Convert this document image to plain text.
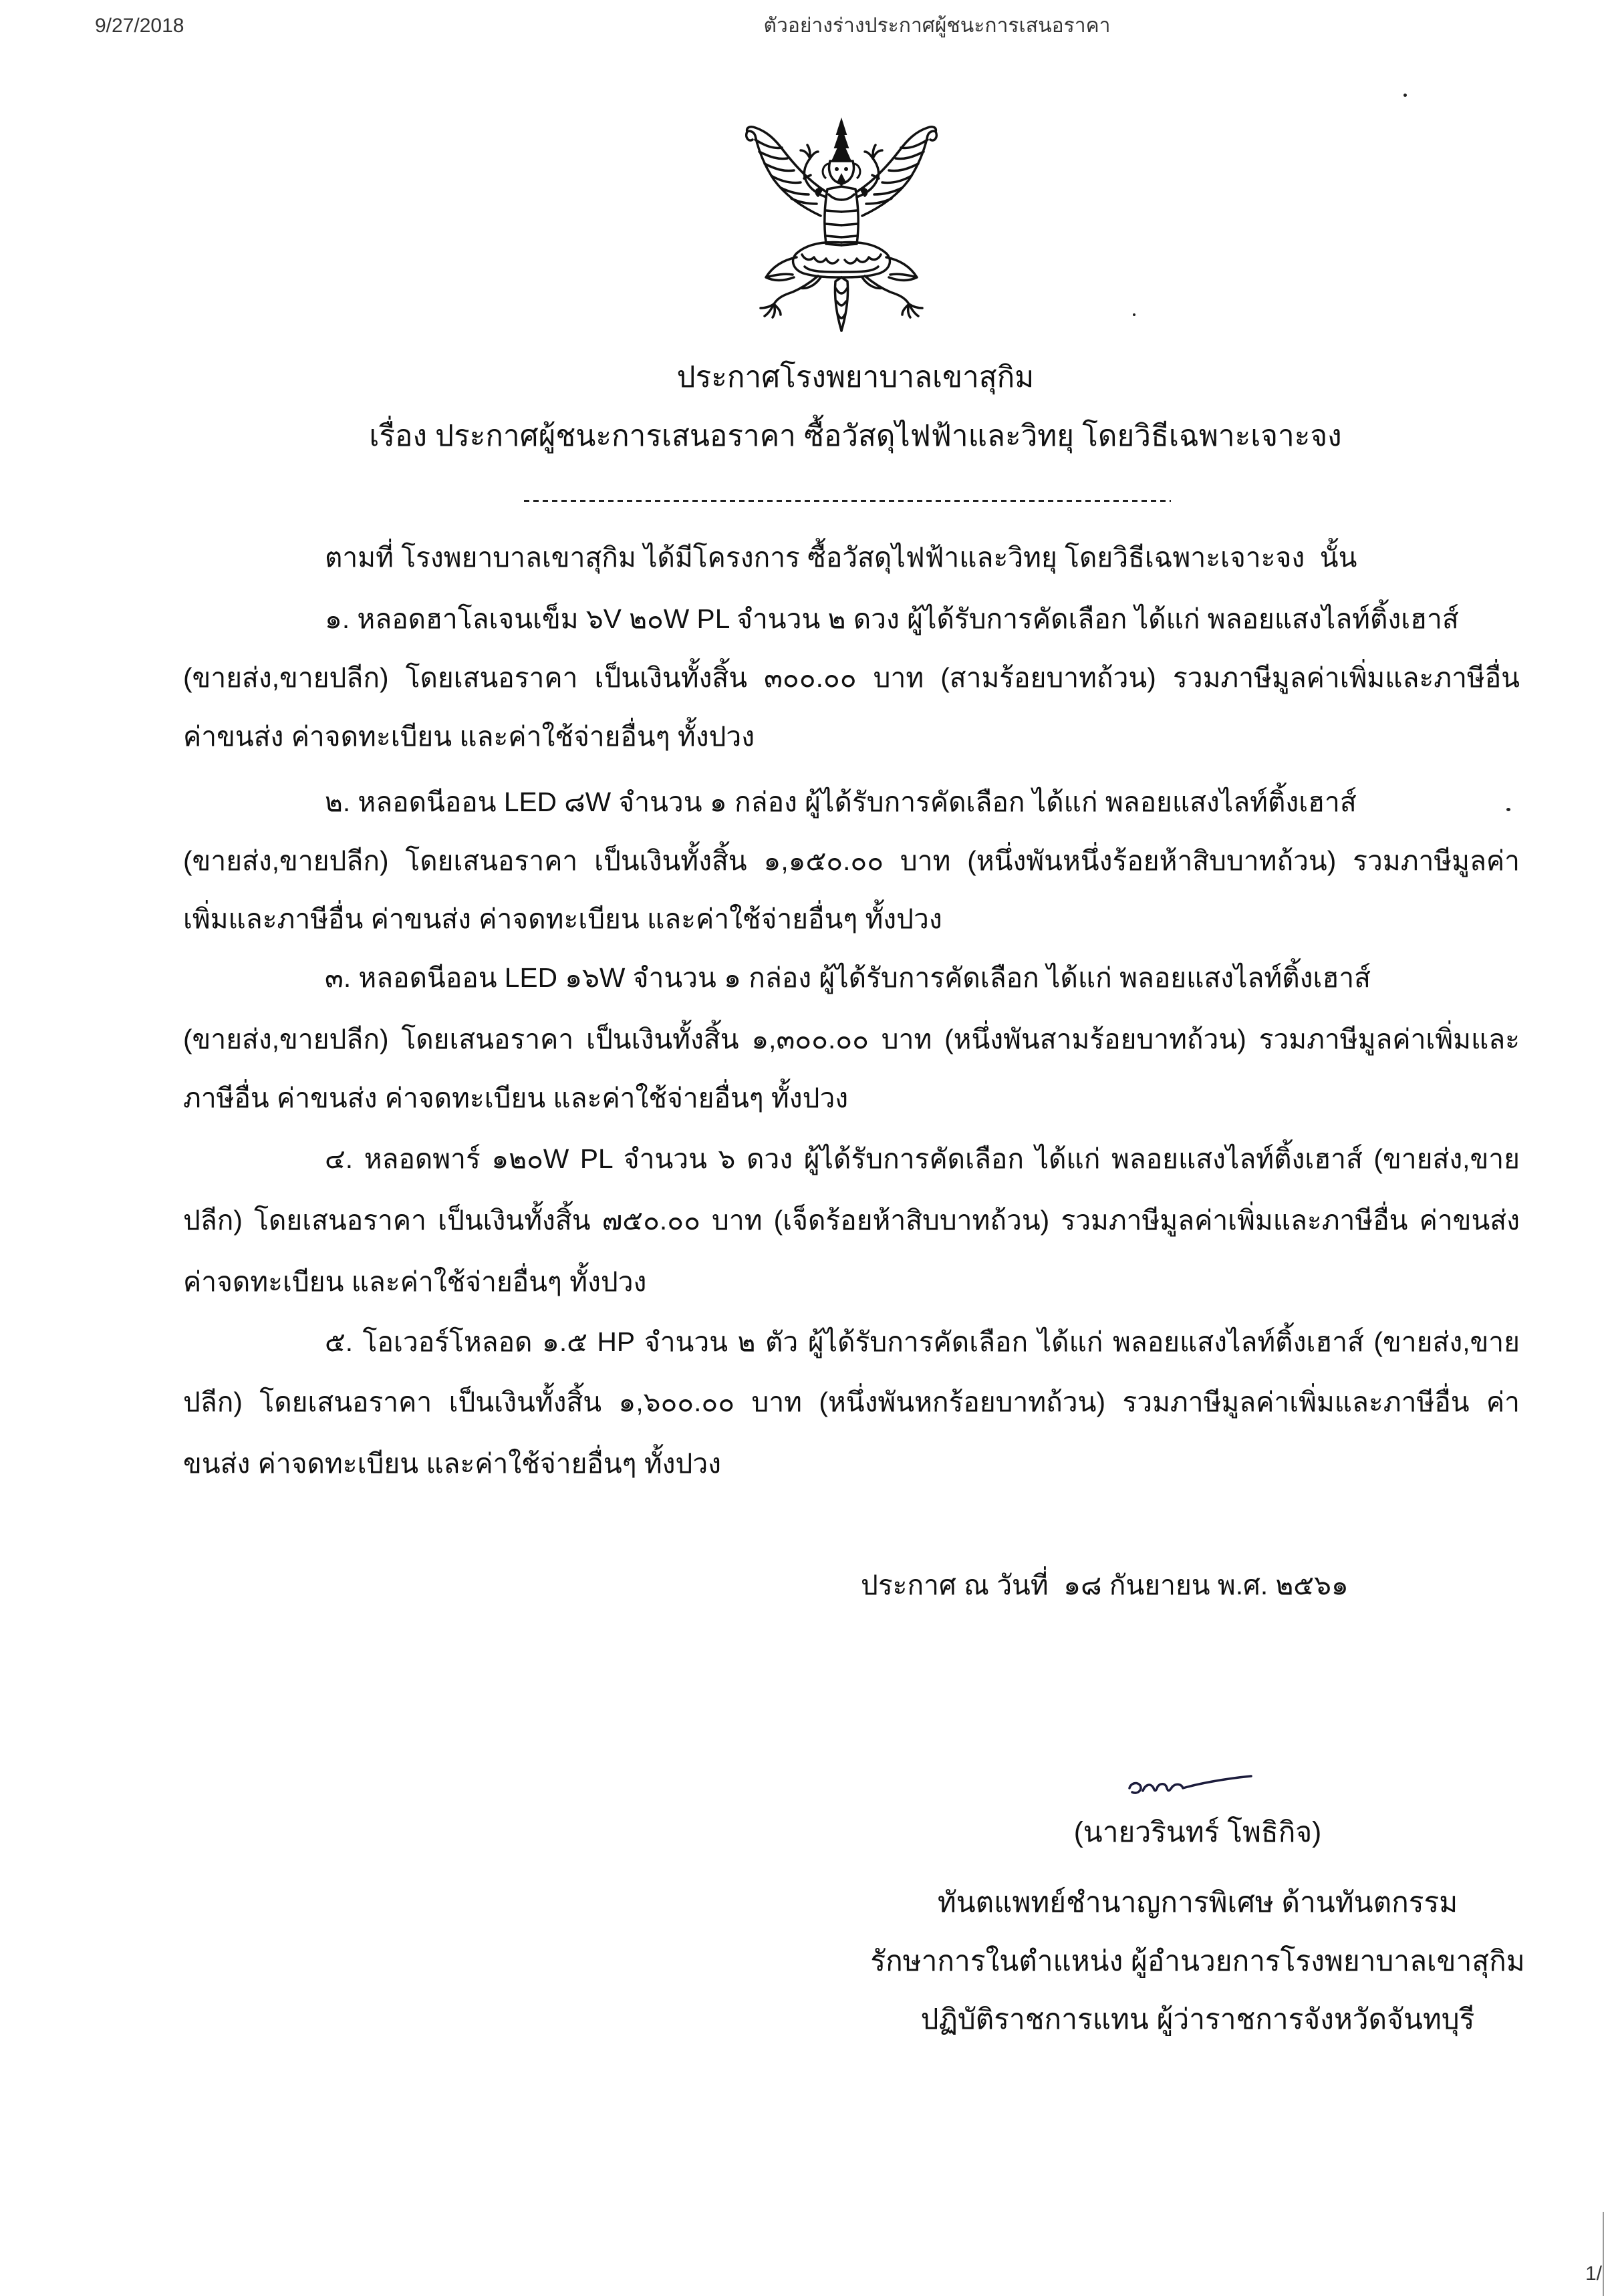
9/27/2018	ตัวอย่างร่างประกาศผู้ชนะการเสนอราคา
ประกาศโรงพยาบาลเขาสุกิม
เรื่อง ประกาศผู้ชนะการเสนอราคา ซื้อวัสดุไฟฟ้าและวิทยุ โดยวิธีเฉพาะเจาะจง
ตามที่ โรงพยาบาลเขาสุกิม ได้มีโครงการ ซื้อวัสดุไฟฟ้าและวิทยุ โดยวิธีเฉพาะเจาะจง  นั้น
๑. หลอดฮาโลเจนเข็ม ๖V ๒๐W PL จำนวน ๒ ดวง ผู้ได้รับการคัดเลือก ได้แก่ พลอยแสงไลท์ติ้งเฮาส์
(ขายส่ง,ขายปลีก) โดยเสนอราคา เป็นเงินทั้งสิ้น ๓๐๐.๐๐ บาท (สามร้อยบาทถ้วน) รวมภาษีมูลค่าเพิ่มและภาษีอื่น
ค่าขนส่ง ค่าจดทะเบียน และค่าใช้จ่ายอื่นๆ ทั้งปวง
๒. หลอดนีออน LED ๘W จำนวน ๑ กล่อง ผู้ได้รับการคัดเลือก ได้แก่ พลอยแสงไลท์ติ้งเฮาส์
(ขายส่ง,ขายปลีก) โดยเสนอราคา เป็นเงินทั้งสิ้น ๑,๑๕๐.๐๐ บาท (หนึ่งพันหนึ่งร้อยห้าสิบบาทถ้วน) รวมภาษีมูลค่า
เพิ่มและภาษีอื่น ค่าขนส่ง ค่าจดทะเบียน และค่าใช้จ่ายอื่นๆ ทั้งปวง
๓. หลอดนีออน LED ๑๖W จำนวน ๑ กล่อง ผู้ได้รับการคัดเลือก ได้แก่ พลอยแสงไลท์ติ้งเฮาส์
(ขายส่ง,ขายปลีก) โดยเสนอราคา เป็นเงินทั้งสิ้น ๑,๓๐๐.๐๐ บาท (หนึ่งพันสามร้อยบาทถ้วน) รวมภาษีมูลค่าเพิ่มและ
ภาษีอื่น ค่าขนส่ง ค่าจดทะเบียน และค่าใช้จ่ายอื่นๆ ทั้งปวง
๔. หลอดพาร์ ๑๒๐W PL จำนวน ๖ ดวง ผู้ได้รับการคัดเลือก ได้แก่ พลอยแสงไลท์ติ้งเฮาส์ (ขายส่ง,ขาย
ปลีก) โดยเสนอราคา เป็นเงินทั้งสิ้น ๗๕๐.๐๐ บาท (เจ็ดร้อยห้าสิบบาทถ้วน) รวมภาษีมูลค่าเพิ่มและภาษีอื่น ค่าขนส่ง
ค่าจดทะเบียน และค่าใช้จ่ายอื่นๆ ทั้งปวง
๕. โอเวอร์โหลอด ๑.๕ HP จำนวน ๒ ตัว ผู้ได้รับการคัดเลือก ได้แก่ พลอยแสงไลท์ติ้งเฮาส์ (ขายส่ง,ขาย
ปลีก) โดยเสนอราคา เป็นเงินทั้งสิ้น ๑,๖๐๐.๐๐ บาท (หนึ่งพันหกร้อยบาทถ้วน) รวมภาษีมูลค่าเพิ่มและภาษีอื่น ค่า
ขนส่ง ค่าจดทะเบียน และค่าใช้จ่ายอื่นๆ ทั้งปวง
ประกาศ ณ วันที่  ๑๘ กันยายน พ.ศ. ๒๕๖๑
(นายวรินทร์ โพธิกิจ)
ทันตแพทย์ชำนาญการพิเศษ ด้านทันตกรรม
รักษาการในตำแหน่ง ผู้อำนวยการโรงพยาบาลเขาสุกิม
ปฏิบัติราชการแทน ผู้ว่าราชการจังหวัดจันทบุรี
1/
